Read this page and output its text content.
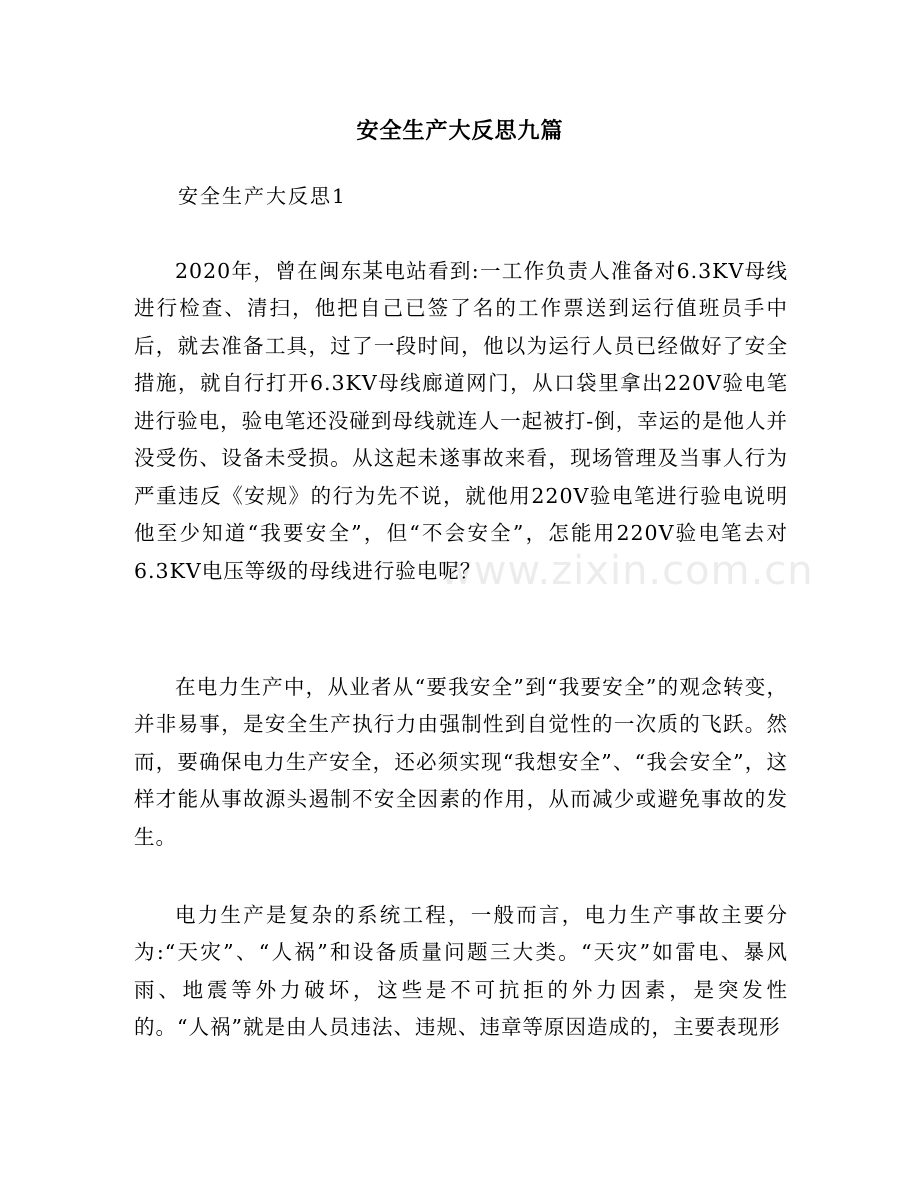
www.zixin.com.cn
安全生产大反思九篇
安全生产大反思1

2020年，曾在闽东某电站看到:一工作负责人准备对6.3KV母线进行检查、清扫，他把自己已签了名的工作票送到运行值班员手中后，就去准备工具，过了一段时间，他以为运行人员已经做好了安全措施，就自行打开6.3KV母线廊道网门，从口袋里拿出220V验电笔进行验电，验电笔还没碰到母线就连人一起被打-倒，幸运的是他人并没受伤、设备未受损。从这起未遂事故来看，现场管理及当事人行为严重违反《安规》的行为先不说，就他用220V验电笔进行验电说明他至少知道“我要安全”，但“不会安全”，怎能用220V验电笔去对6.3KV电压等级的母线进行验电呢？

在电力生产中，从业者从“要我安全”到“我要安全”的观念转变，并非易事，是安全生产执行力由强制性到自觉性的一次质的飞跃。然而，要确保电力生产安全，还必须实现“我想安全”、“我会安全”，这样才能从事故源头遏制不安全因素的作用，从而减少或避免事故的发生。

电力生产是复杂的系统工程，一般而言，电力生产事故主要分为:“天灾”、“人祸”和设备质量问题三大类。“天灾”如雷电、暴风雨、地震等外力破坏，这些是不可抗拒的外力因素，是突发性的。“人祸”就是由人员违法、违规、违章等原因造成的，主要表现形
